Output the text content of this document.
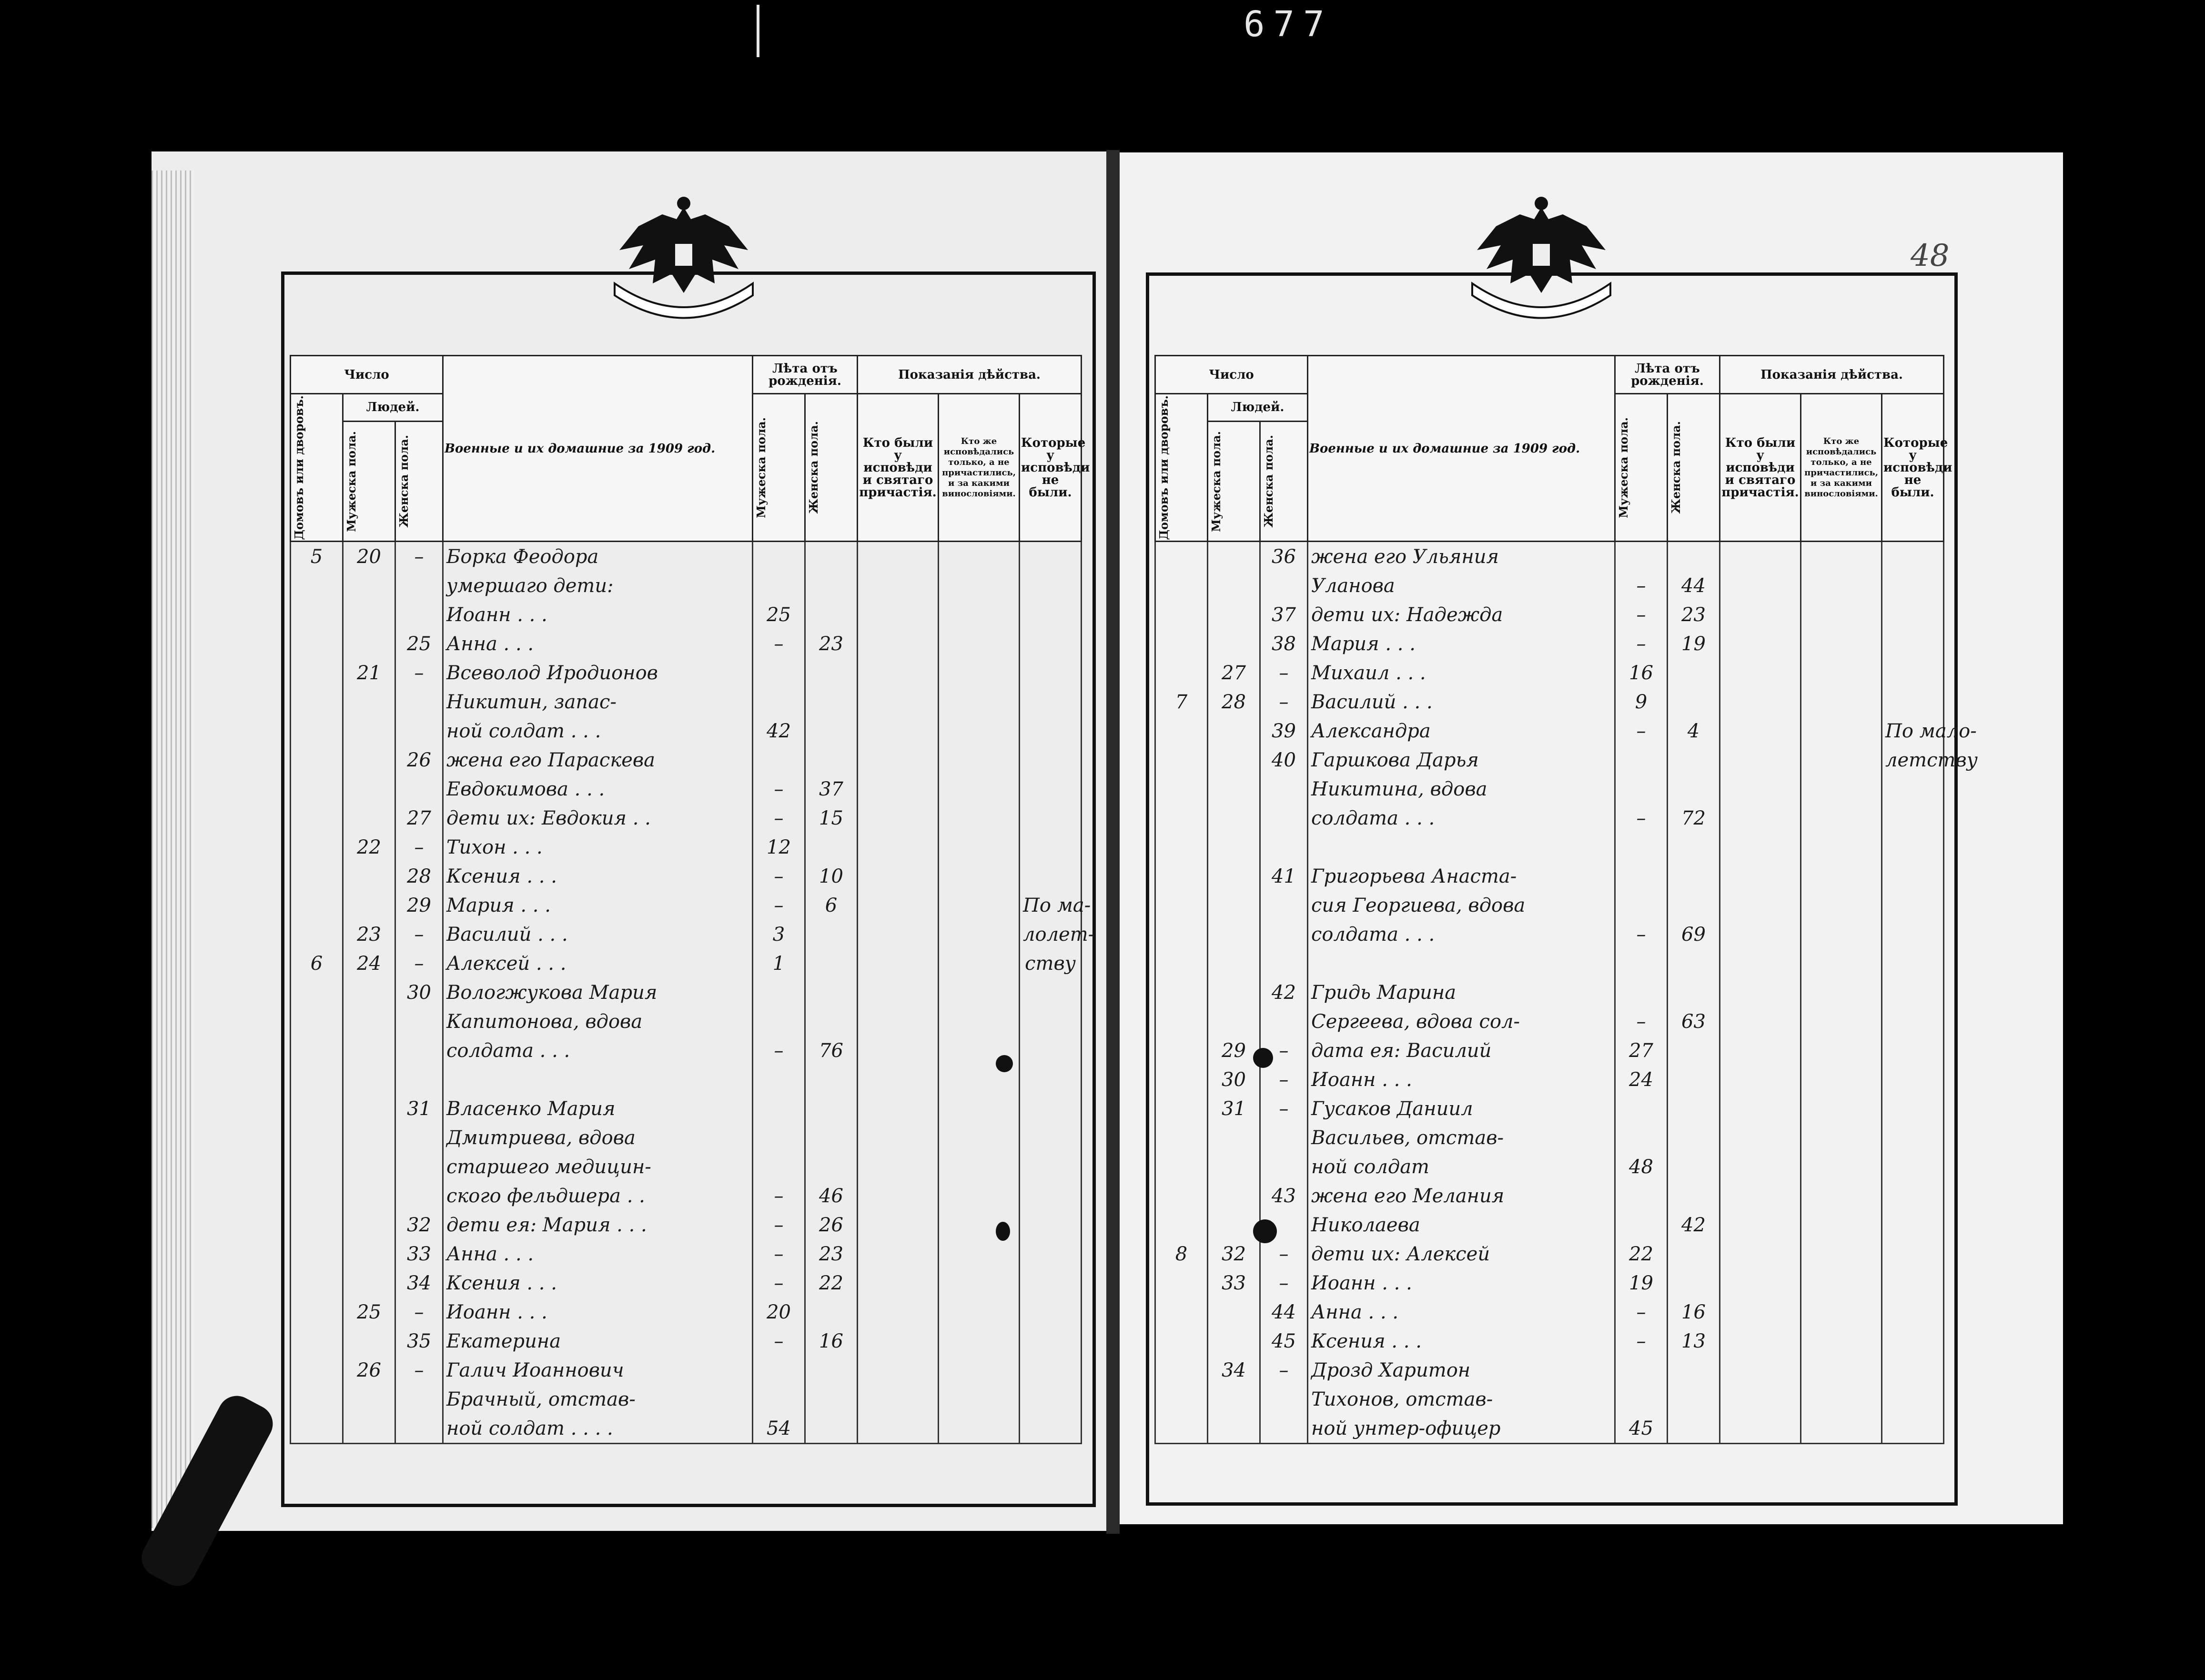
677
48
Число			Военные и их домашние за 1909 год.	Лѣта отъ рожденія.		Показанія дѣйства.		

Домовъ или дворовъ.	Людей.			Мужеска пола.	Женска пола.	Кто были у исповѣди и святаго причастія.	Кто же исповѣдались только, а не причастились, и за какими винословіями.	Которые у исповѣди не были.

	Мужеска пола.	Женска пола.						

5	20	–	Борка Феодора					
			умершаго дети:					
			Иоанн . . .	25				
		25	Анна . . .	–	23			
	21	–	Всеволод Иродионов					
			Никитин, запас-					
			ной солдат . . .	42				
		26	жена его Параскева					
			Евдокимова . . .	–	37			
		27	дети их: Евдокия . .	–	15			
	22	–	Тихон . . .	12				
		28	Ксения . . .	–	10			
		29	Мария . . .	–	6			По ма-
	23	–	Василий . . .	3				лолет-
6	24	–	Алексей . . .	1				ству
		30	Вологжукова Мария					
			Капитонова, вдова					
			солдата . . .	–	76			

		31	Власенко Мария					
			Дмитриева, вдова					
			старшего медицин-					
			ского фельдшера . .	–	46			
		32	дети ея: Мария . . .	–	26			
		33	Анна . . .	–	23			
		34	Ксения . . .	–	22			
	25	–	Иоанн . . .	20				
		35	Екатерина	–	16			
	26	–	Галич Иоаннович					
			Брачный, отстав-					
			ной солдат . . . .	54				
Число			Военные и их домашние за 1909 год.	Лѣта отъ рожденія.		Показанія дѣйства.		

Домовъ или дворовъ.	Людей.			Мужеска пола.	Женска пола.	Кто были у исповѣди и святаго причастія.	Кто же исповѣдались только, а не причастились, и за какими винословіями.	Которые у исповѣди не были.

	Мужеска пола.	Женска пола.						

		36	жена его Ульяния					
			Уланова	–	44			
		37	дети их: Надежда	–	23			
		38	Мария . . .	–	19			
	27	–	Михаил . . .	16				
7	28	–	Василий . . .	9				
		39	Александра	–	4			По мало-
		40	Гаршкова Дарья					летству
			Никитина, вдова					
			солдата . . .	–	72			

		41	Григорьева Анаста-					
			сия Георгиева, вдова					
			солдата . . .	–	69			

		42	Гридь Марина					
			Сергеева, вдова сол-	–	63			
	29	–	дата ея: Василий	27				
	30	–	Иоанн . . .	24				
	31	–	Гусаков Даниил					
			Васильев, отстав-					
			ной солдат	48				
		43	жена его Мелания					
			Николаева		42			
8	32	–	дети их: Алексей	22				
	33	–	Иоанн . . .	19				
		44	Анна . . .	–	16			
		45	Ксения . . .	–	13			
	34	–	Дрозд Харитон					
			Тихонов, отстав-					
			ной унтер-офицер	45				
